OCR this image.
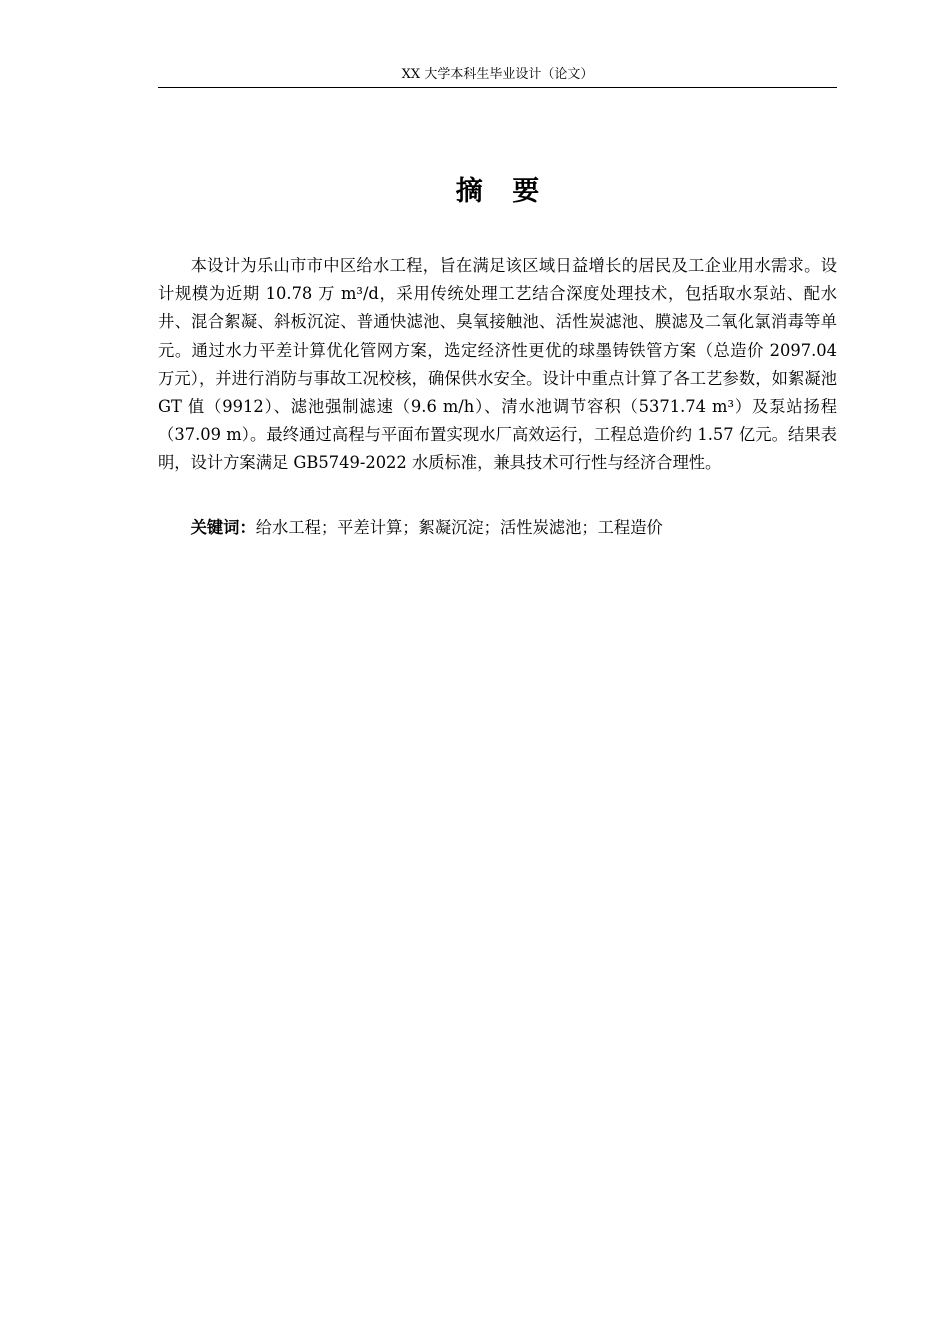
XX 大学本科生毕业设计（论文）
摘 要

本设计为乐山市市中区给水工程，旨在满足该区域日益增长的居民及工企业用水需求。设计规模为近期 10.78 万 m³/d，采用传统处理工艺结合深度处理技术，包括取水泵站、配水井、混合絮凝、斜板沉淀、普通快滤池、臭氧接触池、活性炭滤池、膜滤及二氧化氯消毒等单元。通过水力平差计算优化管网方案，选定经济性更优的球墨铸铁管方案（总造价 2097.04 万元），并进行消防与事故工况校核，确保供水安全。设计中重点计算了各工艺参数，如絮凝池 GT 值（9912）、滤池强制滤速（9.6 m/h）、清水池调节容积（5371.74 m³）及泵站扬程（37.09 m）。最终通过高程与平面布置实现水厂高效运行，工程总造价约 1.57 亿元。结果表明，设计方案满足 GB5749-2022 水质标准，兼具技术可行性与经济合理性。

关键词：给水工程；平差计算；絮凝沉淀；活性炭滤池；工程造价
